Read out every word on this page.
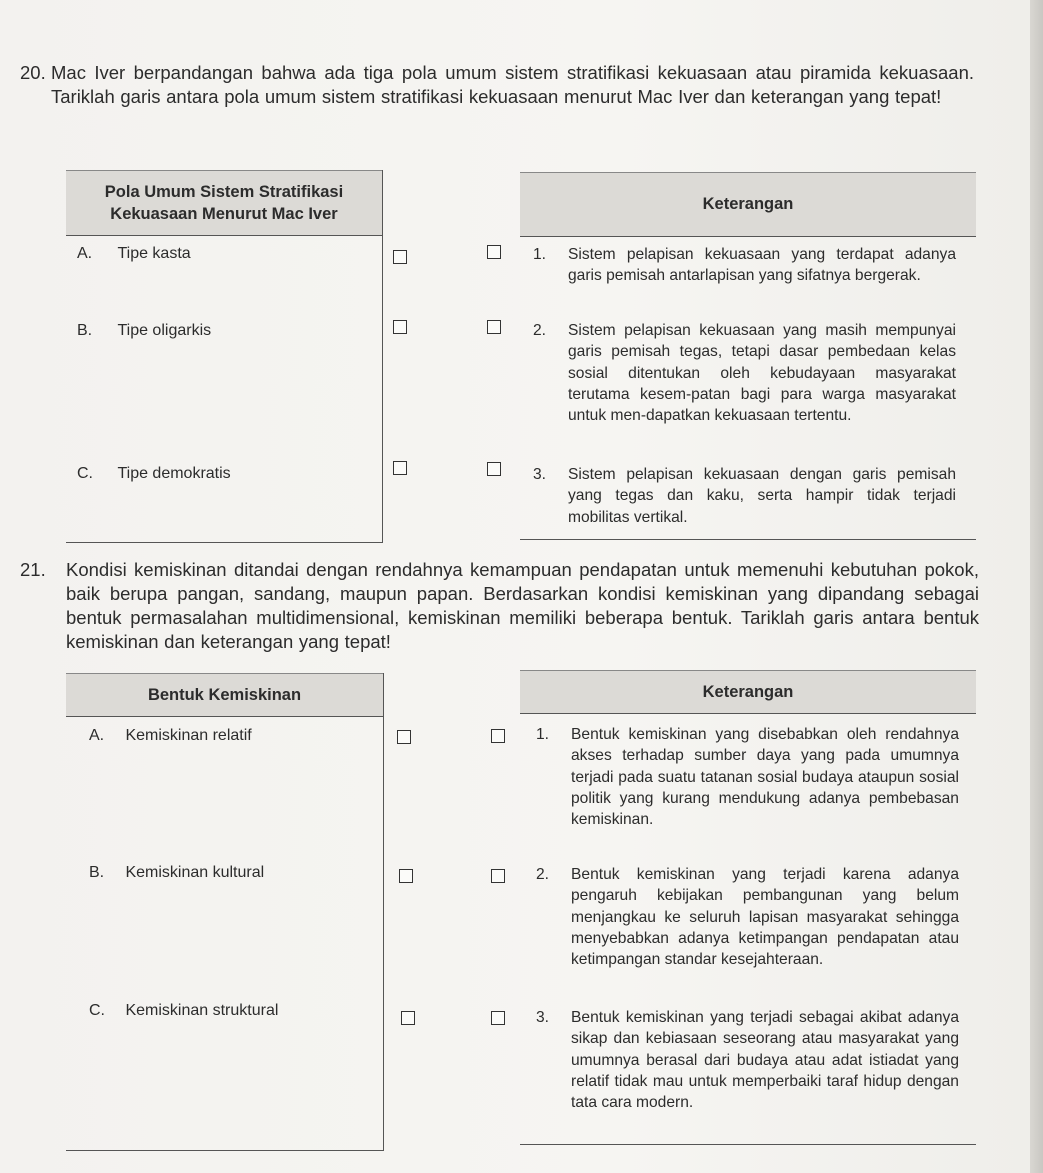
20. Mac Iver berpandangan bahwa ada tiga pola umum sistem stratifikasi kekuasaan atau piramida kekuasaan. Tariklah garis antara pola umum sistem stratifikasi kekuasaan menurut Mac Iver dan keterangan yang tepat!
Pola Umum Sistem Stratifikasi Kekuasaan Menurut Mac Iver
Keterangan
A. Tipe kasta
B. Tipe oligarkis
C. Tipe demokratis
1. Sistem pelapisan kekuasaan yang terdapat adanya garis pemisah antarlapisan yang sifatnya bergerak.
2. Sistem pelapisan kekuasaan yang masih mempunyai garis pemisah tegas, tetapi dasar pembedaan kelas sosial ditentukan oleh kebudayaan masyarakat terutama kesem-patan bagi para warga masyarakat untuk men-dapatkan kekuasaan tertentu.
3. Sistem pelapisan kekuasaan dengan garis pemisah yang tegas dan kaku, serta hampir tidak terjadi mobilitas vertikal.
21. Kondisi kemiskinan ditandai dengan rendahnya kemampuan pendapatan untuk memenuhi kebutuhan pokok, baik berupa pangan, sandang, maupun papan. Berdasarkan kondisi kemiskinan yang dipandang sebagai bentuk permasalahan multidimensional, kemiskinan memiliki beberapa bentuk. Tariklah garis antara bentuk kemiskinan dan keterangan yang tepat!
Bentuk Kemiskinan	Keterangan
A. Kemiskinan relatif
B. Kemiskinan kultural
C. Kemiskinan struktural
1. Bentuk kemiskinan yang disebabkan oleh rendahnya akses terhadap sumber daya yang pada umumnya terjadi pada suatu tatanan sosial budaya ataupun sosial politik yang kurang mendukung adanya pembebasan kemiskinan.
2. Bentuk kemiskinan yang terjadi karena adanya pengaruh kebijakan pembangunan yang belum menjangkau ke seluruh lapisan masyarakat sehingga menyebabkan adanya ketimpangan pendapatan atau ketimpangan standar kesejahteraan.
3. Bentuk kemiskinan yang terjadi sebagai akibat adanya sikap dan kebiasaan seseorang atau masyarakat yang umumnya berasal dari budaya atau adat istiadat yang relatif tidak mau untuk memperbaiki taraf hidup dengan tata cara modern.
